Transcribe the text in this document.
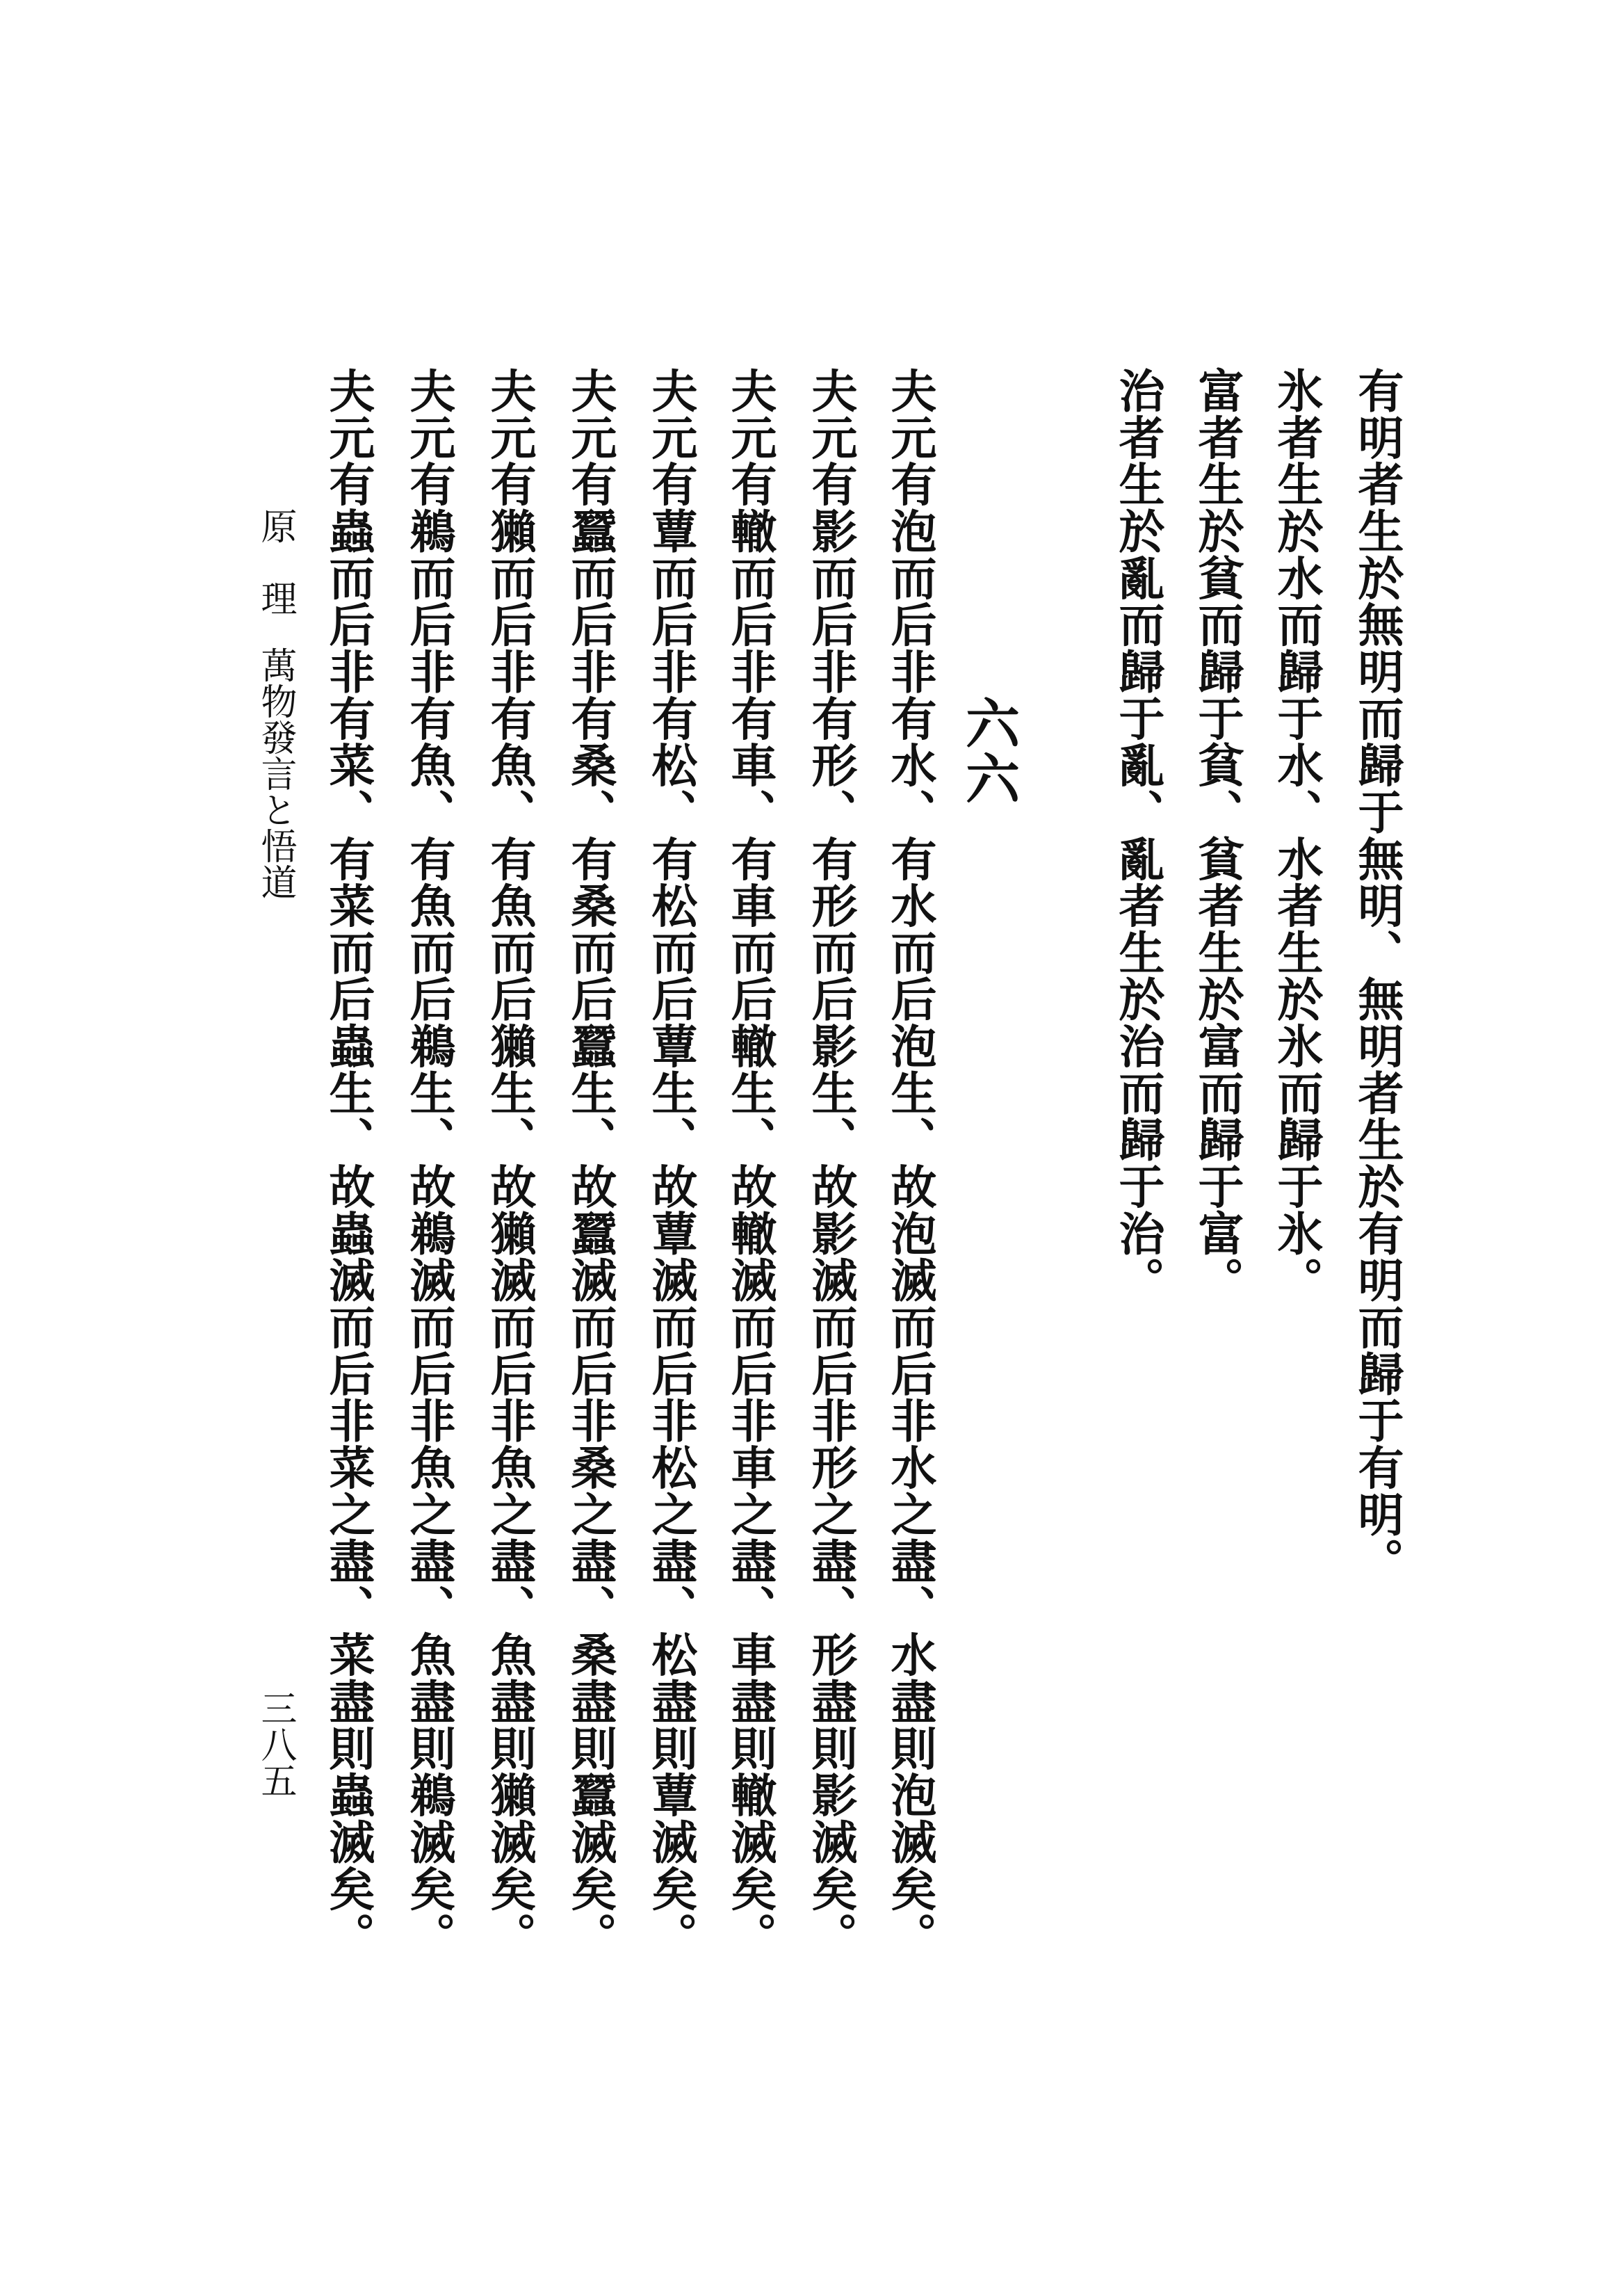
有明者生於無明而歸于無明、無明者生於有明而歸于有明。
氷者生於水而歸于水、水者生於氷而歸于氷。
富者生於貧而歸于貧、貧者生於富而歸于富。
治者生於亂而歸于亂、亂者生於治而歸于治。
六六
夫元有泡而后非有水、有水而后泡生、故泡滅而后非水之盡、水盡則泡滅矣。
夫元有影而后非有形、有形而后影生、故影滅而后非形之盡、形盡則影滅矣。
夫元有轍而后非有車、有車而后轍生、故轍滅而后非車之盡、車盡則轍滅矣。
夫元有蕈而后非有松、有松而后蕈生、故蕈滅而后非松之盡、松盡則蕈滅矣。
夫元有蠶而后非有桑、有桑而后蠶生、故蠶滅而后非桑之盡、桑盡則蠶滅矣。
夫元有獺而后非有魚、有魚而后獺生、故獺滅而后非魚之盡、魚盡則獺滅矣。
夫元有鵜而后非有魚、有魚而后鵜生、故鵜滅而后非魚之盡、魚盡則鵜滅矣。
夫元有蟲而后非有菜、有菜而后蟲生、故蟲滅而后非菜之盡、菜盡則蟲滅矣。
原　理
萬物發言と悟道
三八五
